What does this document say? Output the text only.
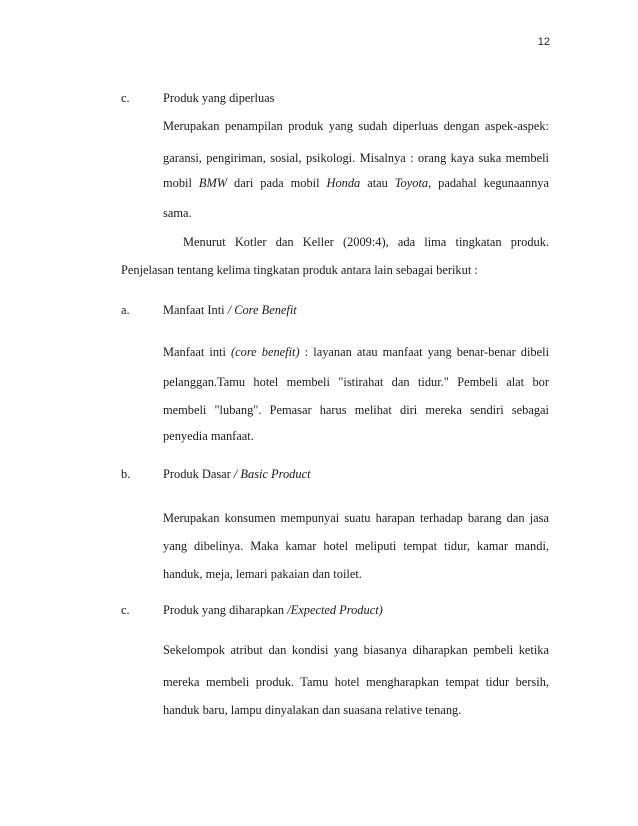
12
c.	Produk yang diperluas
Merupakan penampilan produk yang sudah diperluas dengan aspek-aspek:
garansi, pengiriman, sosial, psikologi. Misalnya : orang kaya suka membeli
mobil BMW dari pada mobil Honda atau Toyota, padahal kegunaannya
sama.
Menurut Kotler dan Keller (2009:4), ada lima tingkatan produk.
Penjelasan tentang kelima tingkatan produk antara lain sebagai berikut :
a.	Manfaat Inti / Core Benefit
Manfaat inti (core benefit) : layanan atau manfaat yang benar-benar dibeli
pelanggan.Tamu hotel membeli "istirahat dan tidur." Pembeli alat bor
membeli "lubang". Pemasar harus melihat diri mereka sendiri sebagai
penyedia manfaat.
b.	Produk Dasar / Basic Product
Merupakan konsumen mempunyai suatu harapan terhadap barang dan jasa
yang dibelinya. Maka kamar hotel meliputi tempat tidur, kamar mandi,
handuk, meja, lemari pakaian dan toilet.
c.	Produk yang diharapkan /Expected Product)
Sekelompok atribut dan kondisi yang biasanya diharapkan pembeli ketika
mereka membeli produk. Tamu hotel mengharapkan tempat tidur bersih,
handuk baru, lampu dinyalakan dan suasana relative tenang.
